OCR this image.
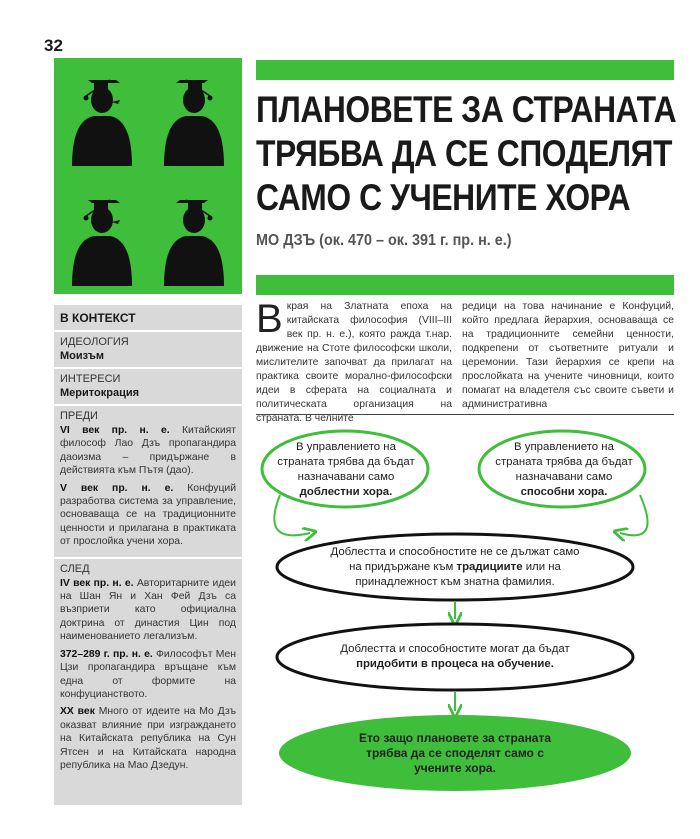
32
ПЛАНОВЕТЕ ЗА СТРАНАТА
ТРЯБВА ДА СЕ СПОДЕЛЯТ
САМО С УЧЕНИТЕ ХОРА
МО ДЗЪ (ок. 470 – ок. 391 г. пр. н. е.)
В КОНТЕКСТ
ИДЕОЛОГИЯ
Моизъм
ИНТЕРЕСИ
Меритокрация
ПРЕДИ

VI век пр. н. е. Китайският философ Лао Дзъ пропагандира даоизма – придържане в действията към Пътя (дао).

V век пр. н. е. Конфуций разработва система за управление, основаваща се на традиционните ценности и прилагана в практиката от прослойка учени хора.

СЛЕД

IV век пр. н. е. Авторитарните идеи на Шан Ян и Хан Фей Дзъ са възприети като официална доктрина от династия Цин под наименованието легализъм.

372–289 г. пр. н. е. Философът Мен Цзи пропагандира връщане към една от формите на конфуцианството.

XX век Много от идеите на Мо Дзъ оказват влияние при изграждането на Китайската република на Сун Ятсен и на Китайската народна република на Мао Дзедун.

В края на Златната епоха на китайската философия (VIII–III век пр. н. е.), която ражда т.нар. движение на Стоте философски школи, мислителите започват да прилагат на практика своите морално-философски идеи в сферата на социалната и политическата организация на страната. В челните
редици на това начинание е Конфуций, който предлага йерархия, основаваща се на традиционните семейни ценности, подкрепени от съответните ритуали и церемонии. Тази йерархия се крепи на прослойката на учените чиновници, които помагат на владетеля със своите съвети и административна
В управлението на страната трябва да бъдат назначавани само доблестни хора.
В управлението на страната трябва да бъдат назначавани само способни хора.
Доблестта и способностите не се дължат само на придържане към традициите или на принадлежност към знатна фамилия.
Доблестта и способностите могат да бъдат придобити в процеса на обучение.
Ето защо плановете за страната трябва да се споделят само с учените хора.
